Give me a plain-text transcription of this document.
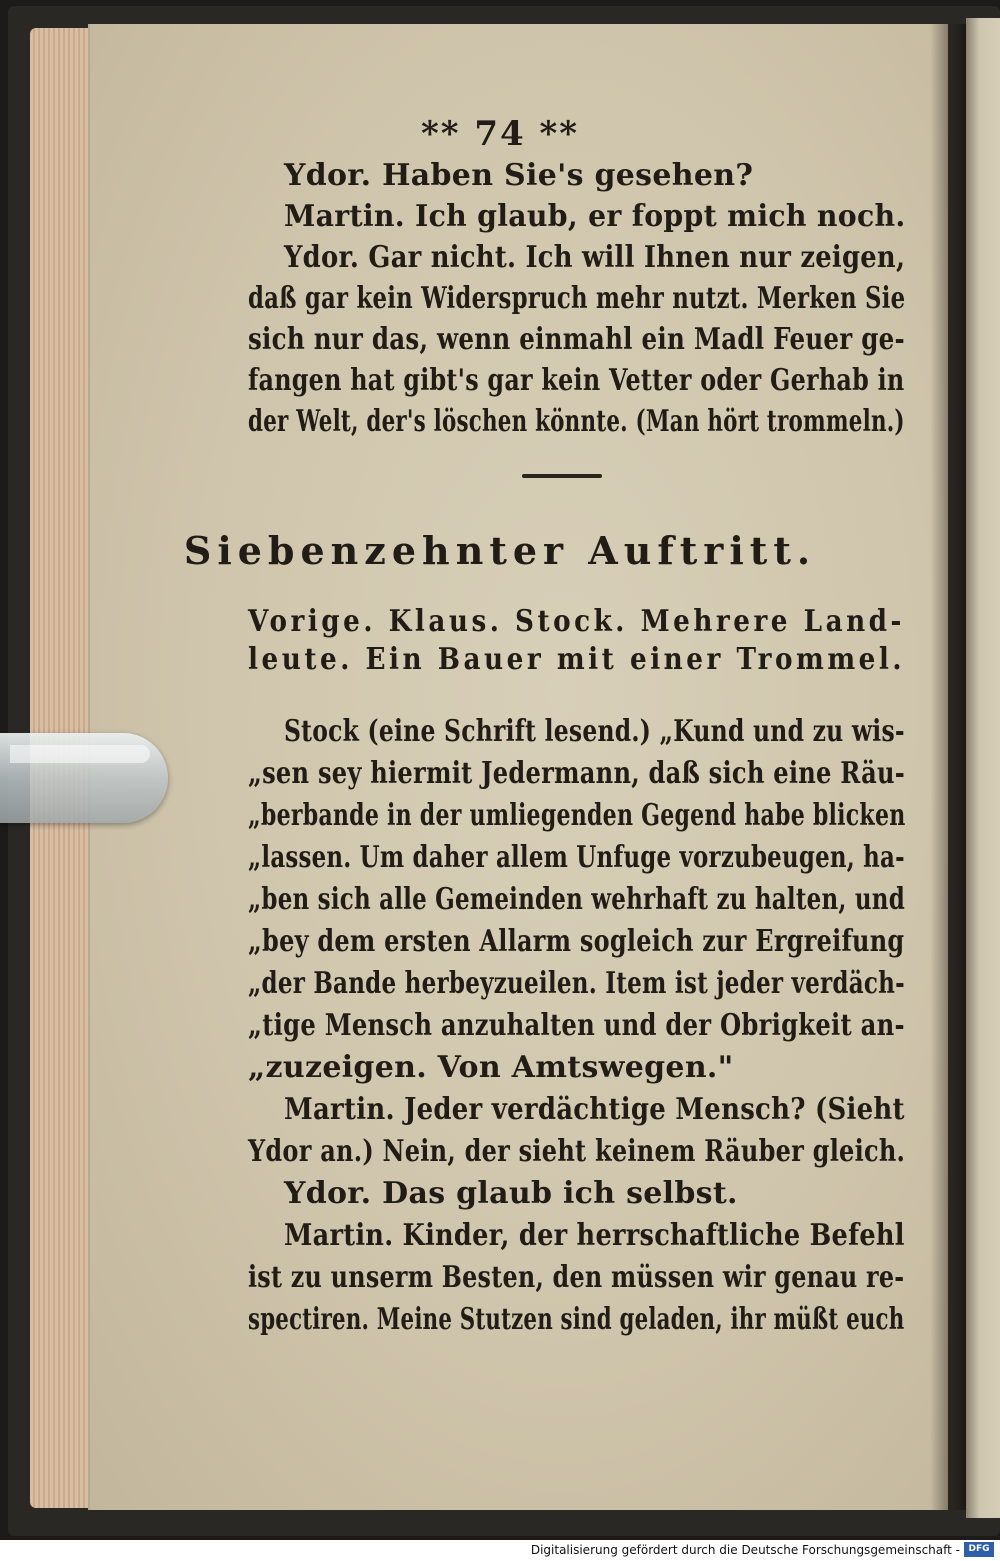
** 74 **
Ydor. Haben Sie's gesehen?
Martin. Ich glaub, er foppt mich noch.
Ydor. Gar nicht. Ich will Ihnen nur zeigen,
daß gar kein Widerspruch mehr nutzt. Merken Sie
sich nur das, wenn einmahl ein Madl Feuer ge-
fangen hat gibt's gar kein Vetter oder Gerhab in
der Welt, der's löschen könnte. (Man hört trommeln.)
Siebenzehnter Auftritt.
Vorige. Klaus. Stock. Mehrere Land-
leute. Ein Bauer mit einer Trommel.
Stock (eine Schrift lesend.) „Kund und zu wis-
„sen sey hiermit Jedermann, daß sich eine Räu-
„berbande in der umliegenden Gegend habe blicken
„lassen. Um daher allem Unfuge vorzubeugen, ha-
„ben sich alle Gemeinden wehrhaft zu halten, und
„bey dem ersten Allarm sogleich zur Ergreifung
„der Bande herbeyzueilen. Item ist jeder verdäch-
„tige Mensch anzuhalten und der Obrigkeit an-
„zuzeigen. Von Amtswegen."
Martin. Jeder verdächtige Mensch? (Sieht
Ydor an.) Nein, der sieht keinem Räuber gleich.
Ydor. Das glaub ich selbst.
Martin. Kinder, der herrschaftliche Befehl
ist zu unserm Besten, den müssen wir genau re-
spectiren. Meine Stutzen sind geladen, ihr müßt euch
Digitalisierung gefördert durch die Deutsche Forschungsgemeinschaft - DFG
